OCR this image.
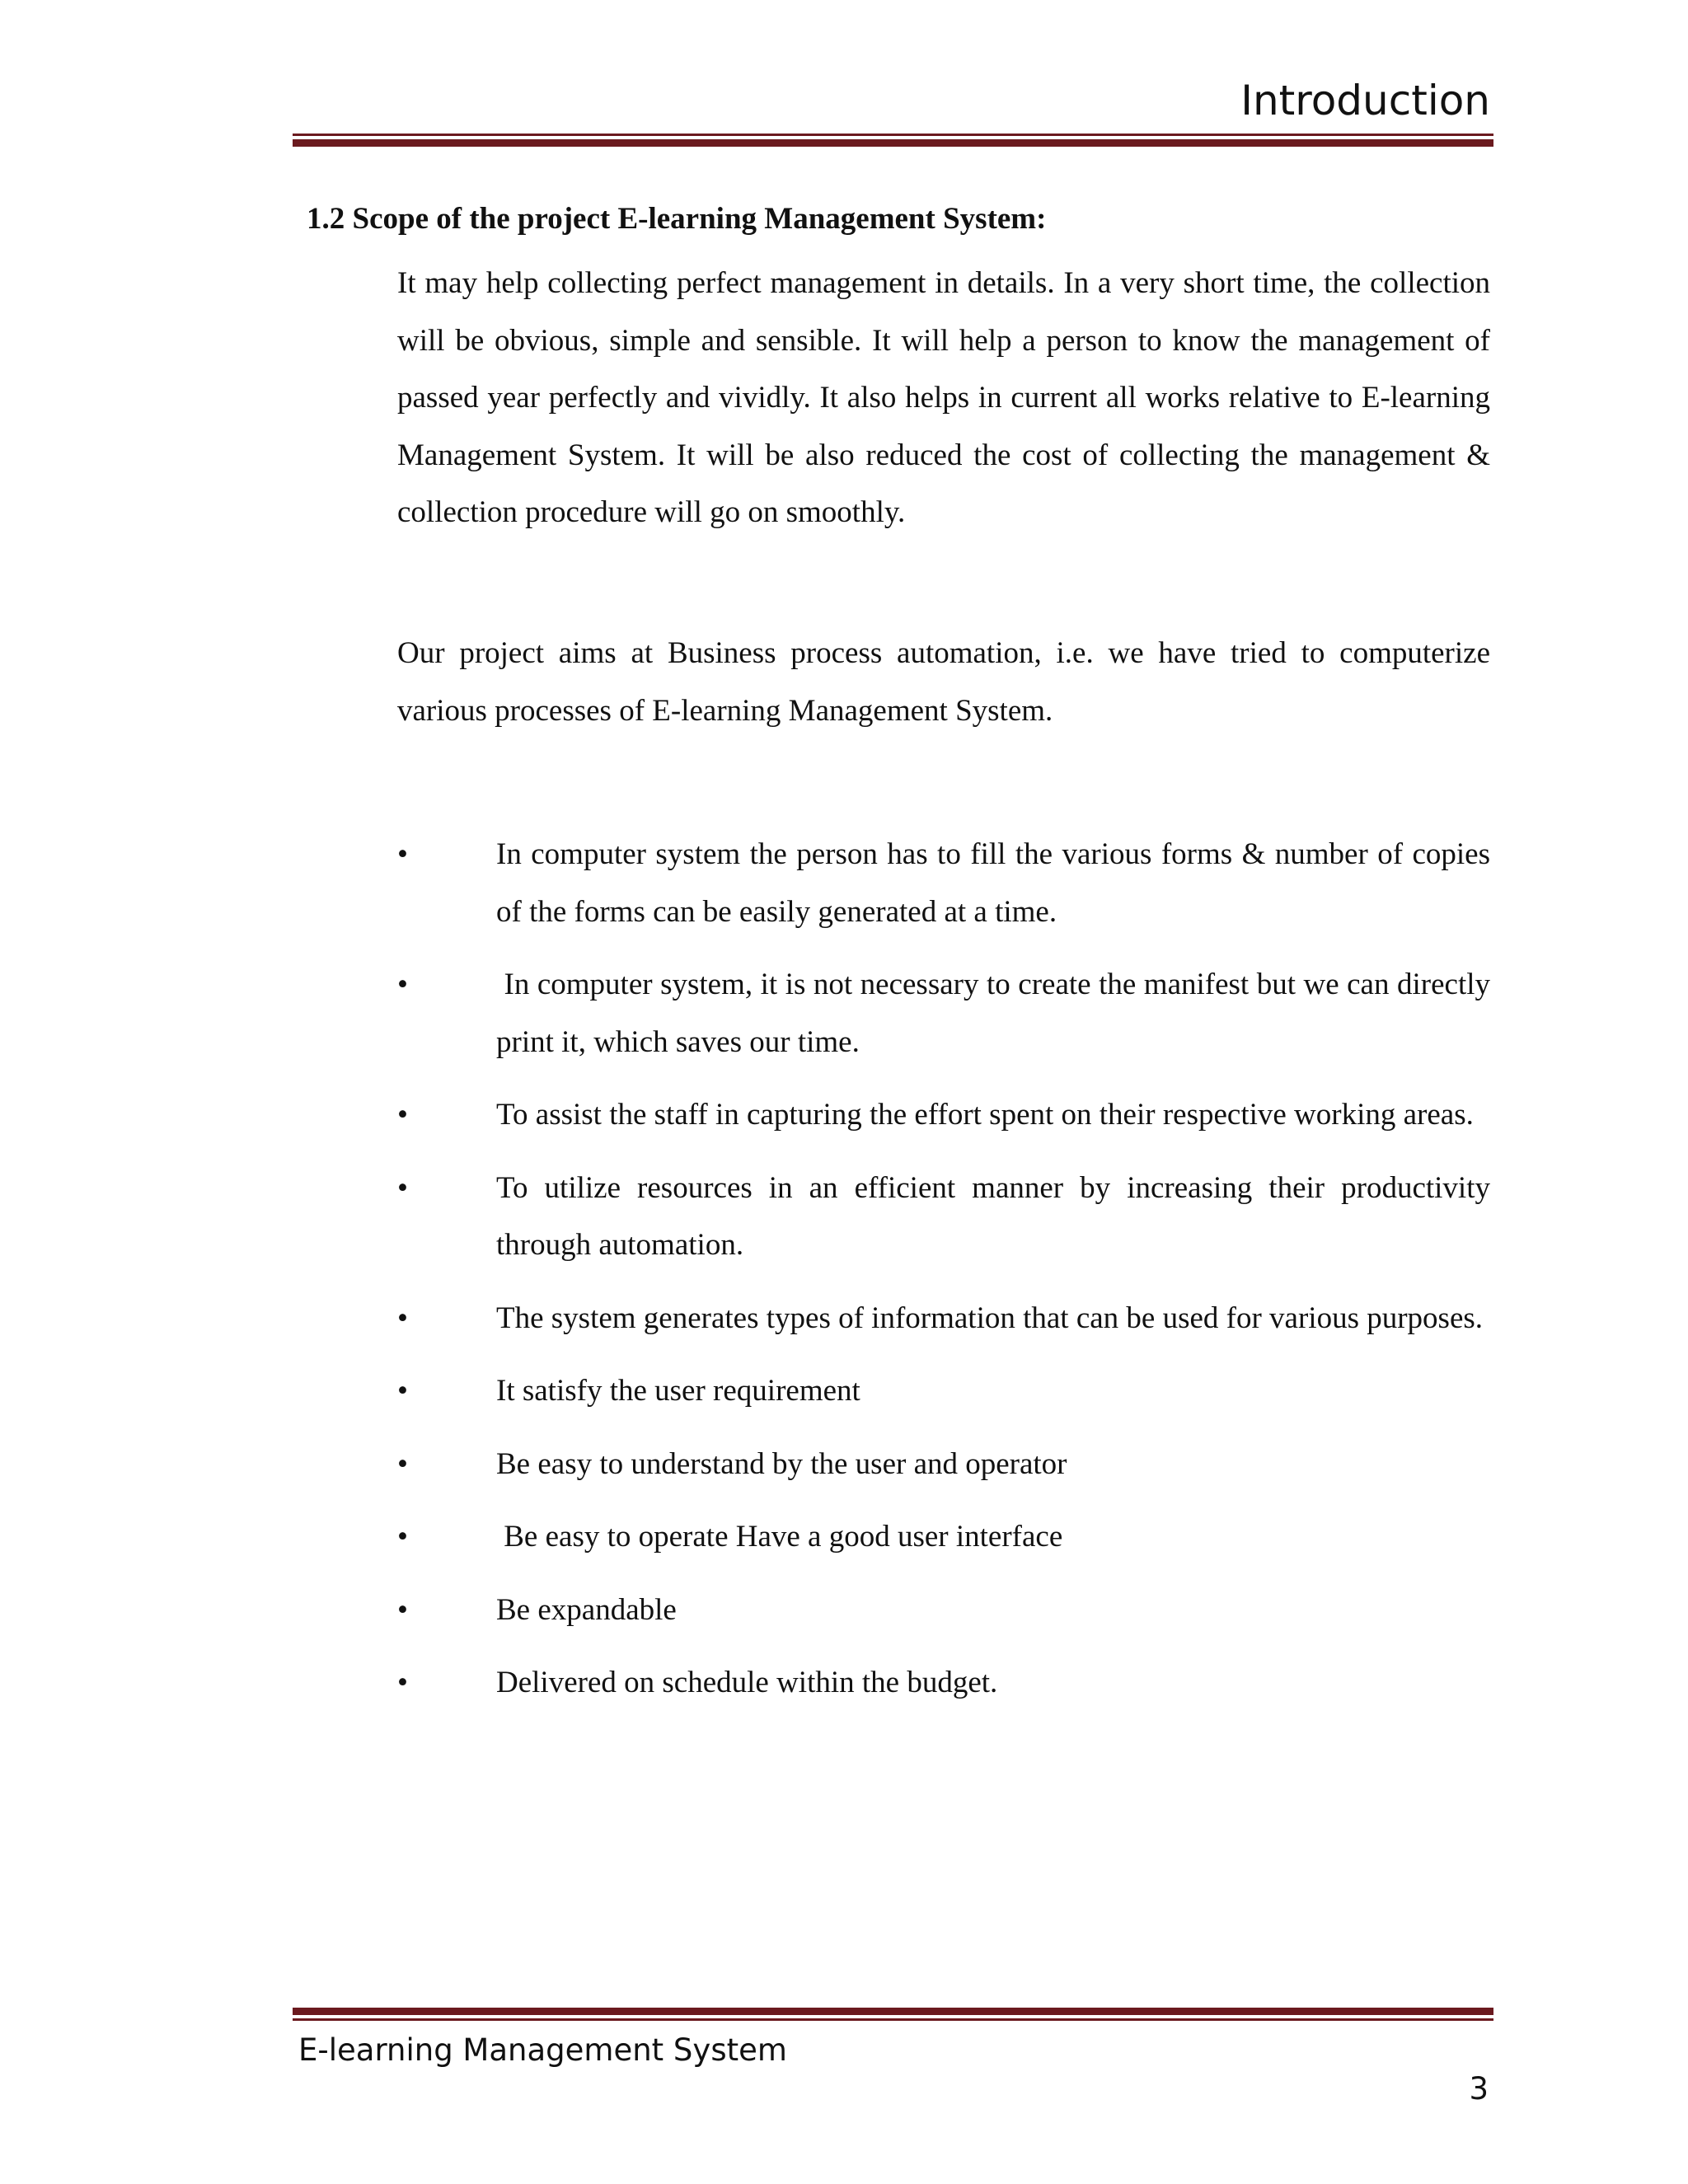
Introduction
1.2 Scope of the project E-learning Management System:

It may help collecting perfect management in details. In a very short time, the collection will be obvious, simple and sensible. It will help a person to know the management of passed year perfectly and vividly. It also helps in current all works relative to E-learning Management System. It will be also reduced the cost of collecting the management & collection procedure will go on smoothly.

Our project aims at Business process automation, i.e. we have tried to computerize various processes of E-learning Management System.

•	In computer system the person has to fill the various forms & number of copies of the forms can be easily generated at a time.
•	In computer system, it is not necessary to create the manifest but we can directly print it, which saves our time.
•	To assist the staff in capturing the effort spent on their respective working areas.
•	To utilize resources in an efficient manner by increasing their productivity through automation.
•	The system generates types of information that can be used for various purposes.
•	It satisfy the user requirement
•	Be easy to understand by the user and operator
•	Be easy to operate Have a good user interface
•	Be expandable
•	Delivered on schedule within the budget.
E-learning Management System
3
